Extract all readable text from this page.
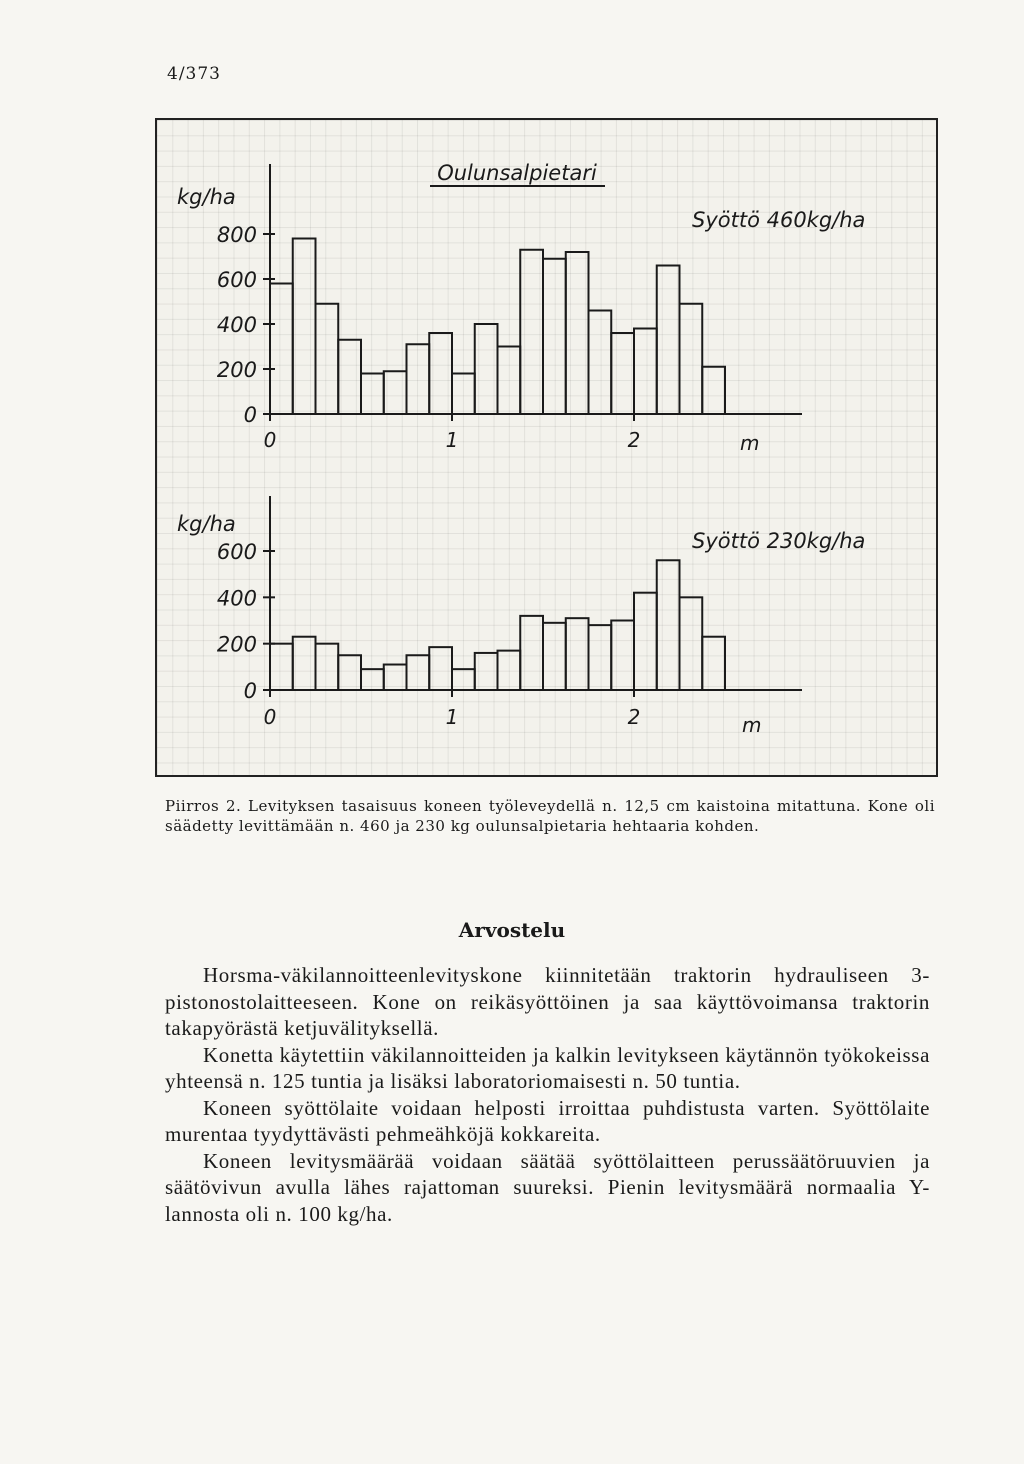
4/373
Oulunsalpietari
Syöttö 460kg/ha
kg/ha
m
0
200
400
600
800
0	1	2
Syöttö 230kg/ha
kg/ha
m
0
200
400
600
0	1	2

Piirros 2. Levityksen tasaisuus koneen työleveydellä n. 12,5 cm kaistoina mitattuna. Kone oli säädetty levittämään n. 460 ja 230 kg oulunsalpietaria hehtaaria kohden.

Arvostelu

Horsma-väkilannoitteenlevityskone kiinnitetään traktorin hydrauliseen 3-pistonostolaitteeseen. Kone on reikäsyöttöinen ja saa käyttövoimansa traktorin takapyörästä ketjuvälityksellä.

Konetta käytettiin väkilannoitteiden ja kalkin levitykseen käytännön työkokeissa yhteensä n. 125 tuntia ja lisäksi laboratoriomaisesti n. 50 tuntia.

Koneen syöttölaite voidaan helposti irroittaa puhdistusta varten. Syöttölaite murentaa tyydyttävästi pehmeähköjä kokkareita.

Koneen levitysmäärää voidaan säätää syöttölaitteen perussäätöruuvien ja säätövivun avulla lähes rajattoman suureksi. Pienin levitysmäärä normaalia Y-lannosta oli n. 100 kg/ha.
